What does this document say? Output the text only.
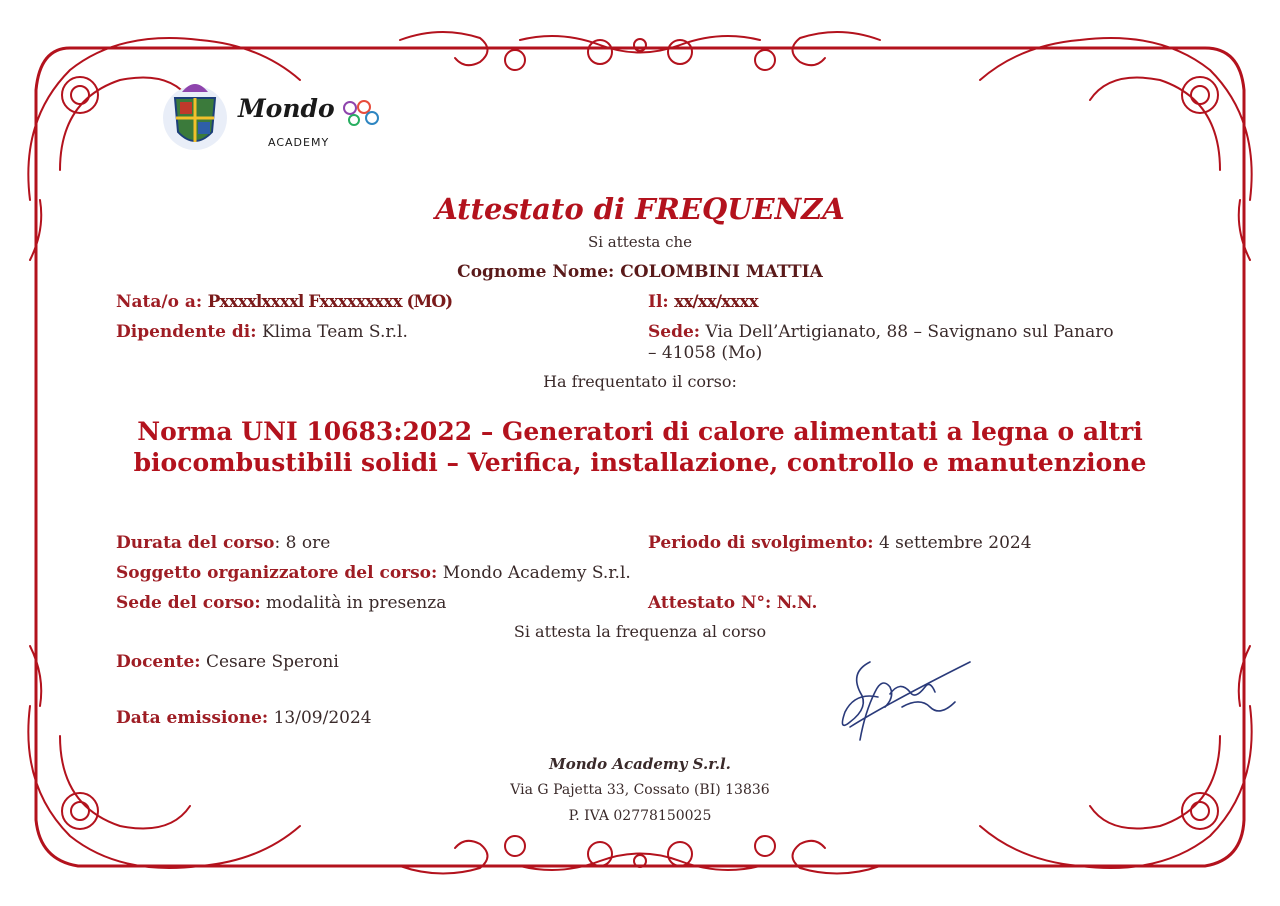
Mondo
ACADEMY
Attestato di FREQUENZA
Si attesta che
Cognome Nome: COLOMBINI MATTIA
Nata/o a: Pxxxxlxxxxl Fxxxxxxxxx (MO)	Il: xx/xx/xxxx
Dipendente di: Klima Team S.r.l.	Sede: Via Dell’Artigianato, 88 – Savignano sul Panaro
– 41058 (Mo)
Ha frequentato il corso:
Norma UNI 10683:2022 – Generatori di calore alimentati a legna o altri biocombustibili solidi – Verifica, installazione, controllo e manutenzione
Durata del corso: 8 ore	Periodo di svolgimento: 4 settembre 2024
Soggetto organizzatore del corso: Mondo Academy S.r.l.
Sede del corso: modalità in presenza	Attestato N°: N.N.
Si attesta la frequenza al corso
Docente: Cesare Speroni
Data emissione: 13/09/2024
Mondo Academy S.r.l.
Via G Pajetta 33, Cossato (BI) 13836
P. IVA 02778150025
